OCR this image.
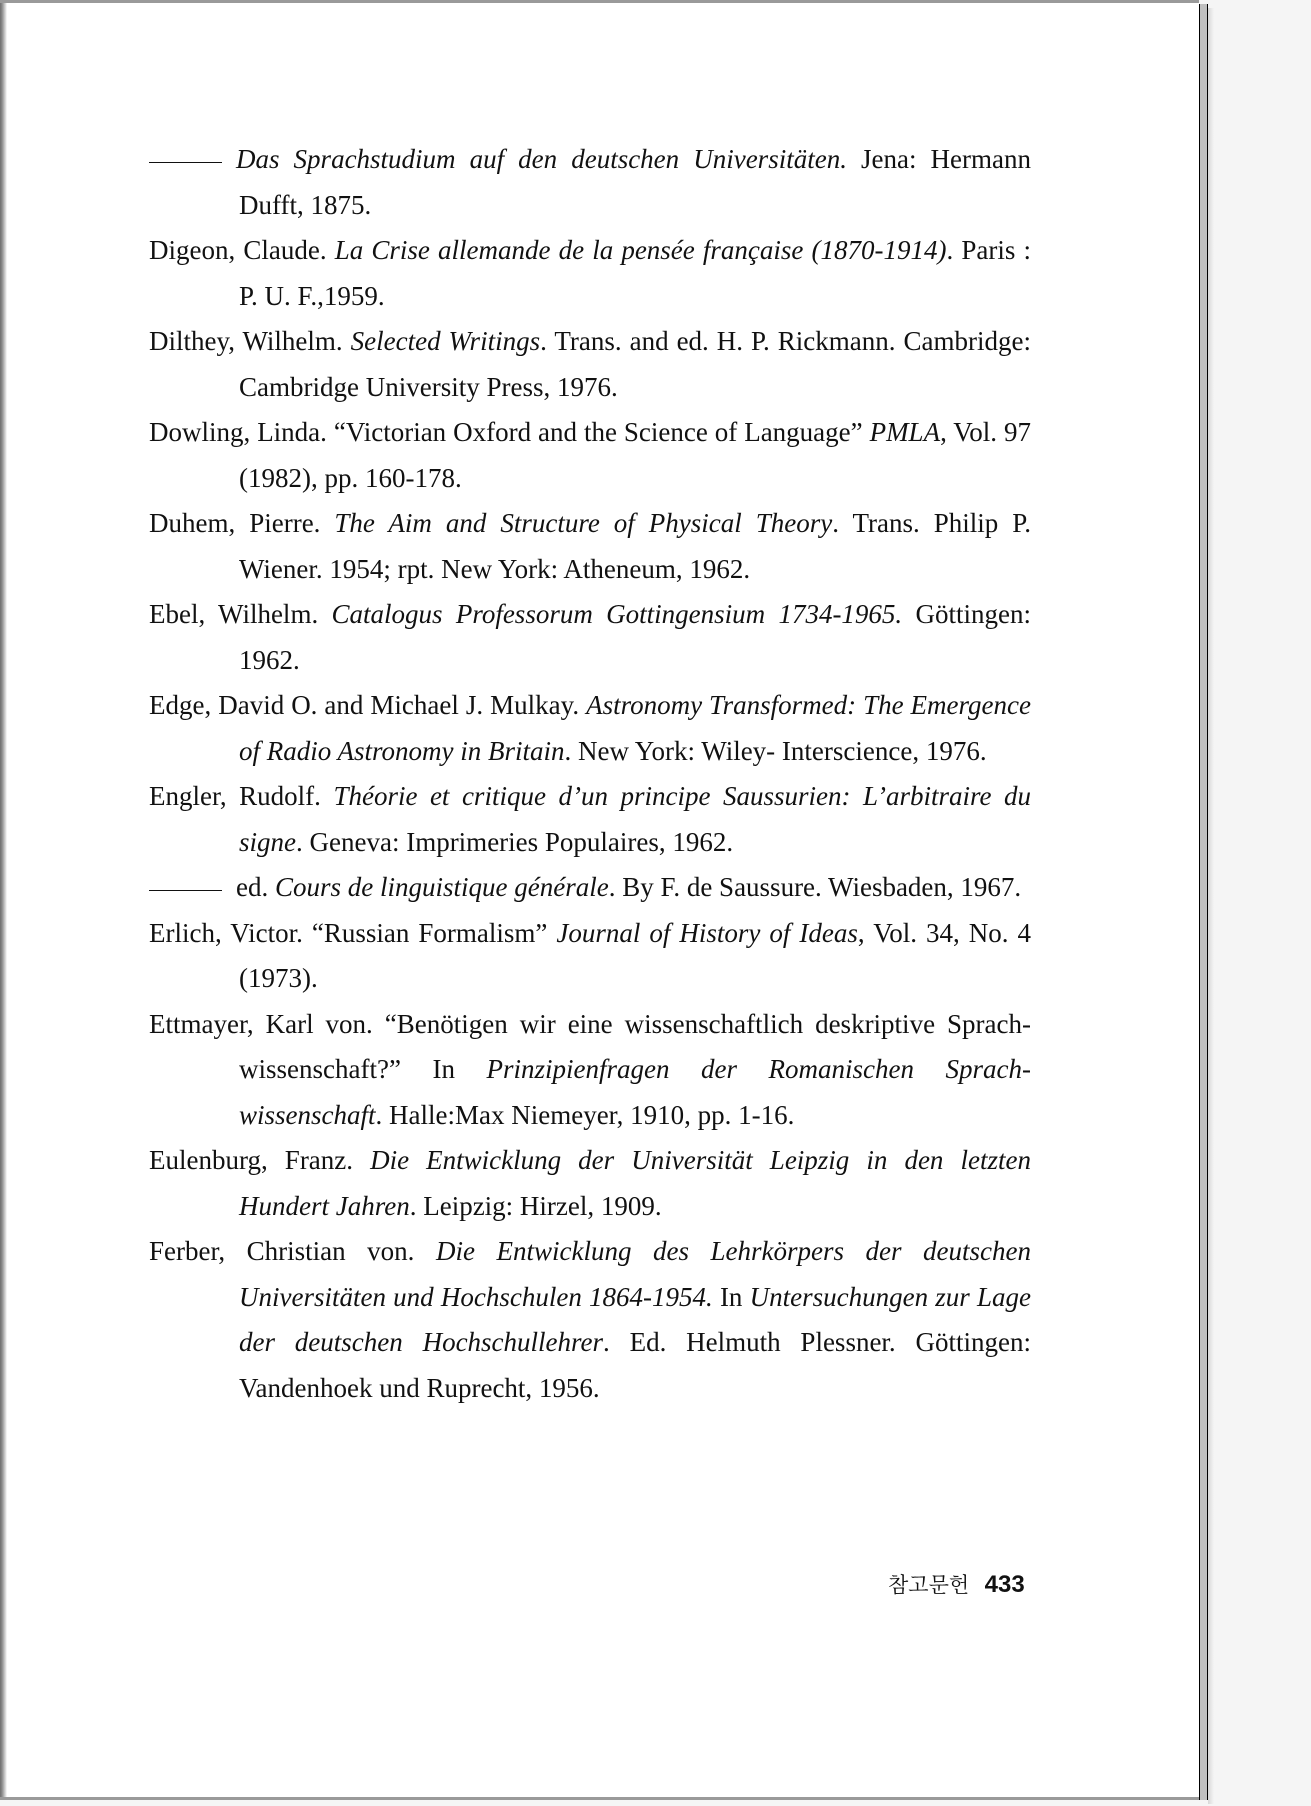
Das Sprachstudium auf den deutschen Universitäten. Jena: Hermann Dufft, 1875.
Digeon, Claude. La Crise allemande de la pensée française (1870-1914). Paris : P. U. F.,1959.
Dilthey, Wilhelm. Selected Writings. Trans. and ed. H. P. Rickmann. Cambridge: Cambridge University Press, 1976.
Dowling, Linda. “Victorian Oxford and the Science of Language” PMLA, Vol. 97 (1982), pp. 160-178.
Duhem, Pierre. The Aim and Structure of Physical Theory. Trans. Philip P. Wiener. 1954; rpt. New York: Atheneum, 1962.
Ebel, Wilhelm. Catalogus Professorum Gottingensium 1734-1965. Göttingen: 1962.
Edge, David O. and Michael J. Mulkay. Astronomy Transformed: The Emergence of Radio Astronomy in Britain. New York: Wiley- Interscience, 1976.
Engler, Rudolf. Théorie et critique d’un principe Saussurien: L’arbitraire du signe. Geneva: Imprimeries Populaires, 1962.
ed. Cours de linguistique générale. By F. de Saussure. Wiesbaden, 1967.
Erlich, Victor. “Russian Formalism” Journal of History of Ideas, Vol. 34, No. 4 (1973).
Ettmayer, Karl von. “Benötigen wir eine wissenschaftlich deskriptive Sprach-wissenschaft?” In Prinzipienfragen der Romanischen Sprach-wissenschaft. Halle:Max Niemeyer, 1910, pp. 1-16.
Eulenburg, Franz. Die Entwicklung der Universität Leipzig in den letzten Hundert Jahren. Leipzig: Hirzel, 1909.
Ferber, Christian von. Die Entwicklung des Lehrkörpers der deutschen Universitäten und Hochschulen 1864-1954. In Untersuchungen zur Lage der deutschen Hochschullehrer. Ed. Helmuth Plessner. Göttingen: Vandenhoek und Ruprecht, 1956.
참고문헌 433
